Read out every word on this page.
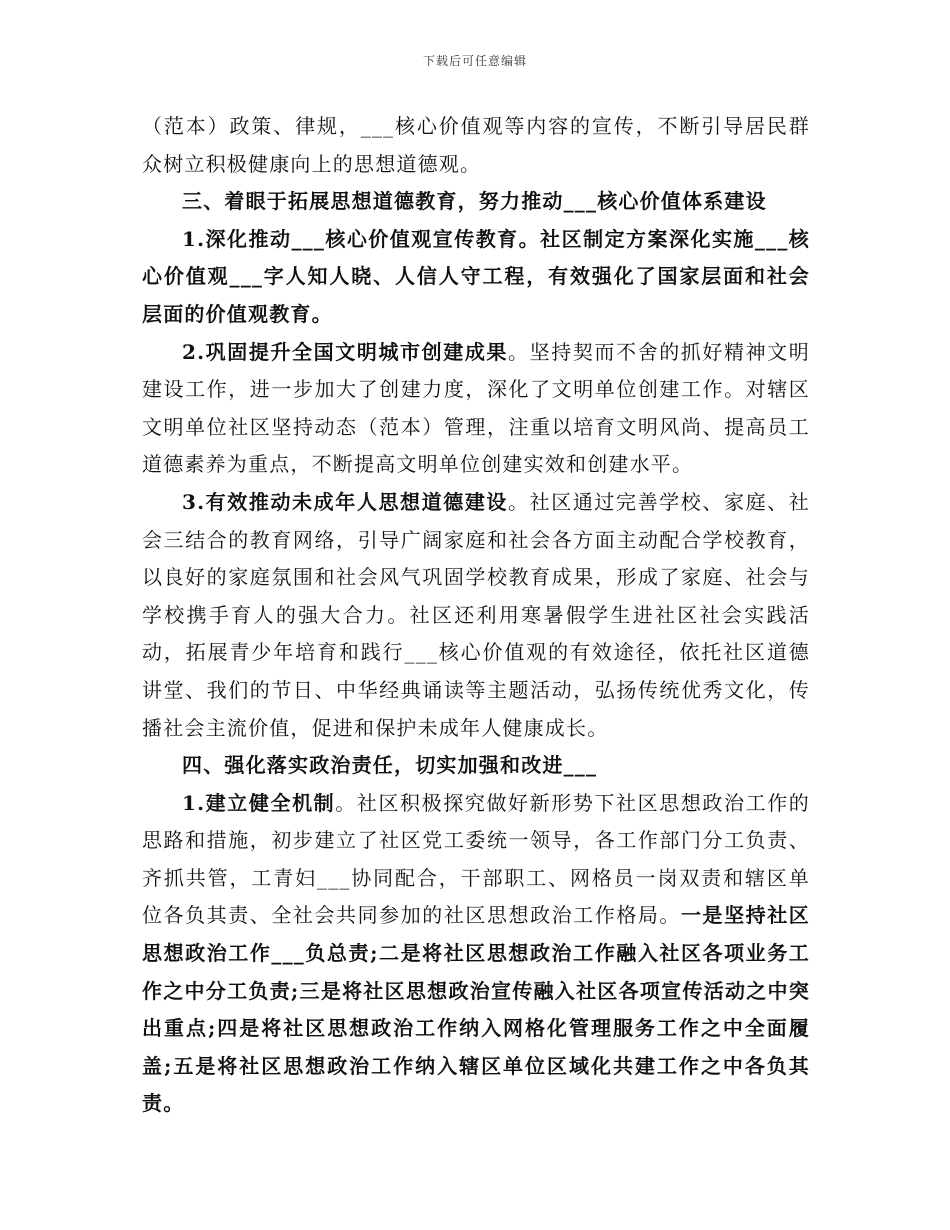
下载后可任意编辑

（范本）政策、律规，___核心价值观等内容的宣传，不断引导居民群众树立积极健康向上的思想道德观。

三、着眼于拓展思想道德教育，努力推动___核心价值体系建设

1.深化推动___核心价值观宣传教育。社区制定方案深化实施___核心价值观___字人知人晓、人信人守工程，有效强化了国家层面和社会层面的价值观教育。

2.巩固提升全国文明城市创建成果。坚持契而不舍的抓好精神文明建设工作，进一步加大了创建力度，深化了文明单位创建工作。对辖区文明单位社区坚持动态（范本）管理，注重以培育文明风尚、提高员工道德素养为重点，不断提高文明单位创建实效和创建水平。

3.有效推动未成年人思想道德建设。社区通过完善学校、家庭、社会三结合的教育网络，引导广阔家庭和社会各方面主动配合学校教育，以良好的家庭氛围和社会风气巩固学校教育成果，形成了家庭、社会与学校携手育人的强大合力。社区还利用寒暑假学生进社区社会实践活动，拓展青少年培育和践行___核心价值观的有效途径，依托社区道德讲堂、我们的节日、中华经典诵读等主题活动，弘扬传统优秀文化，传播社会主流价值，促进和保护未成年人健康成长。

四、强化落实政治责任，切实加强和改进___

1.建立健全机制。社区积极探究做好新形势下社区思想政治工作的思路和措施，初步建立了社区党工委统一领导，各工作部门分工负责、齐抓共管，工青妇___协同配合，干部职工、网格员一岗双责和辖区单位各负其责、全社会共同参加的社区思想政治工作格局。一是坚持社区思想政治工作___负总责;二是将社区思想政治工作融入社区各项业务工作之中分工负责;三是将社区思想政治宣传融入社区各项宣传活动之中突出重点;四是将社区思想政治工作纳入网格化管理服务工作之中全面履盖;五是将社区思想政治工作纳入辖区单位区域化共建工作之中各负其责。
